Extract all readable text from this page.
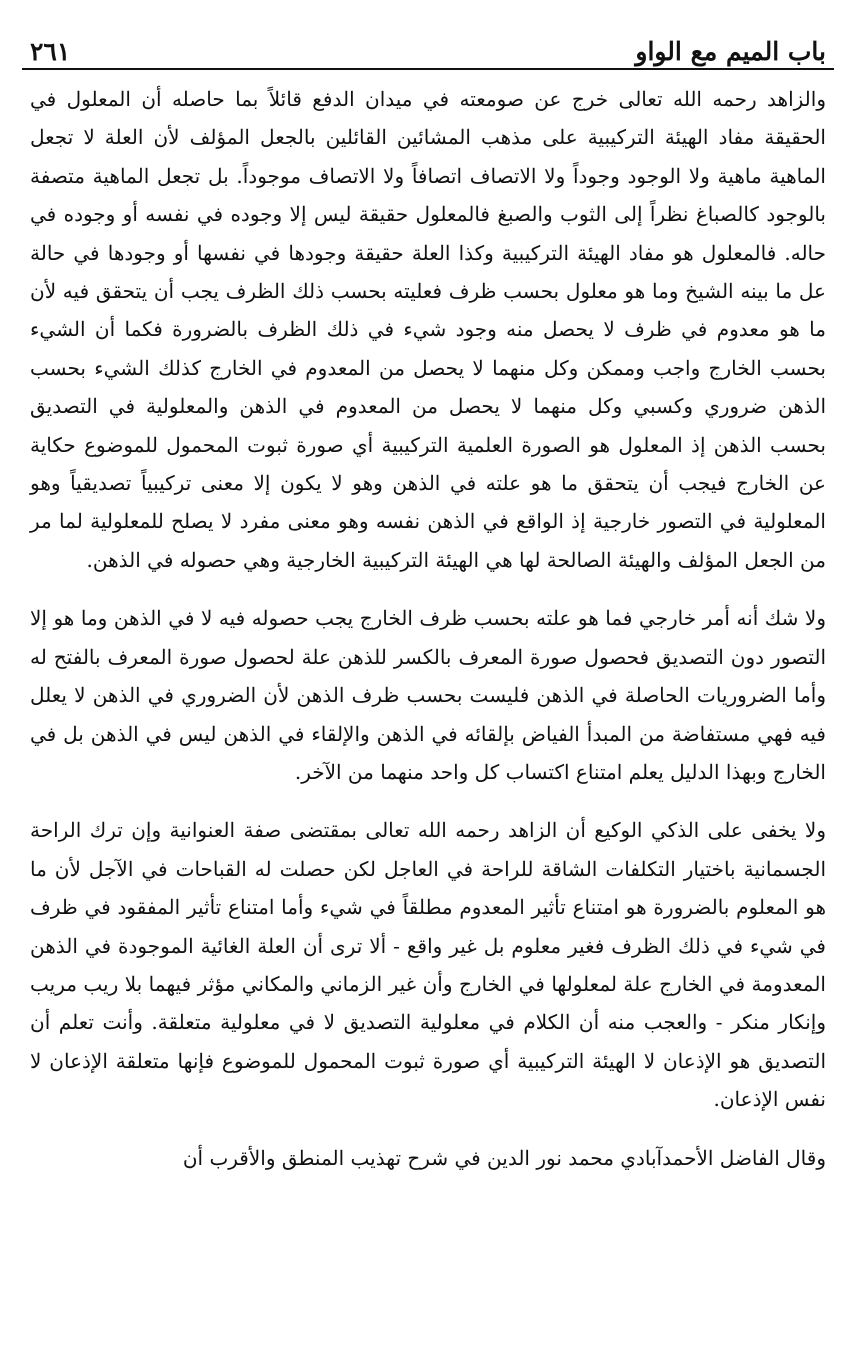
باب الميم مع الواو
٢٦١

والزاهد رحمه الله تعالى خرج عن صومعته في ميدان الدفع قائلاً بما حاصله أن المعلول في الحقيقة مفاد الهيئة التركيبية على مذهب المشائين القائلين بالجعل المؤلف لأن العلة لا تجعل الماهية ماهية ولا الوجود وجوداً ولا الاتصاف اتصافاً ولا الاتصاف موجوداً. بل تجعل الماهية متصفة بالوجود كالصباغ نظراً إلى الثوب والصبغ فالمعلول حقيقة ليس إلا وجوده في نفسه أو وجوده في حاله. فالمعلول هو مفاد الهيئة التركيبية وكذا العلة حقيقة وجودها في نفسها أو وجودها في حالة عل ما بينه الشيخ وما هو معلول بحسب ظرف فعليته بحسب ذلك الظرف يجب أن يتحقق فيه لأن ما هو معدوم في ظرف لا يحصل منه وجود شيء في ذلك الظرف بالضرورة فكما أن الشيء بحسب الخارج واجب وممكن وكل منهما لا يحصل من المعدوم في الخارج كذلك الشيء بحسب الذهن ضروري وكسبي وكل منهما لا يحصل من المعدوم في الذهن والمعلولية في التصديق بحسب الذهن إذ المعلول هو الصورة العلمية التركيبية أي صورة ثبوت المحمول للموضوع حكاية عن الخارج فيجب أن يتحقق ما هو علته في الذهن وهو لا يكون إلا معنى تركيبياً تصديقياً وهو المعلولية في التصور خارجية إذ الواقع في الذهن نفسه وهو معنى مفرد لا يصلح للمعلولية لما مر من الجعل المؤلف والهيئة الصالحة لها هي الهيئة التركيبية الخارجية وهي حصوله في الذهن.

ولا شك أنه أمر خارجي فما هو علته بحسب ظرف الخارج يجب حصوله فيه لا في الذهن وما هو إلا التصور دون التصديق فحصول صورة المعرف بالكسر للذهن علة لحصول صورة المعرف بالفتح له وأما الضروريات الحاصلة في الذهن فليست بحسب ظرف الذهن لأن الضروري في الذهن لا يعلل فيه فهي مستفاضة من المبدأ الفياض بإلقائه في الذهن والإلقاء في الذهن ليس في الذهن بل في الخارج وبهذا الدليل يعلم امتناع اكتساب كل واحد منهما من الآخر.

ولا يخفى على الذكي الوكيع أن الزاهد رحمه الله تعالى بمقتضى صفة العنوانية وإن ترك الراحة الجسمانية باختيار التكلفات الشاقة للراحة في العاجل لكن حصلت له القباحات في الآجل لأن ما هو المعلوم بالضرورة هو امتناع تأثير المعدوم مطلقاً في شيء وأما امتناع تأثير المفقود في ظرف في شيء في ذلك الظرف فغير معلوم بل غير واقع - ألا ترى أن العلة الغائية الموجودة في الذهن المعدومة في الخارج علة لمعلولها في الخارج وأن غير الزماني والمكاني مؤثر فيهما بلا ريب مريب وإنكار منكر - والعجب منه أن الكلام في معلولية التصديق لا في معلولية متعلقة. وأنت تعلم أن التصديق هو الإذعان لا الهيئة التركيبية أي صورة ثبوت المحمول للموضوع فإنها متعلقة الإذعان لا نفس الإذعان.

وقال الفاضل الأحمدآبادي محمد نور الدين في شرح تهذيب المنطق والأقرب أن
